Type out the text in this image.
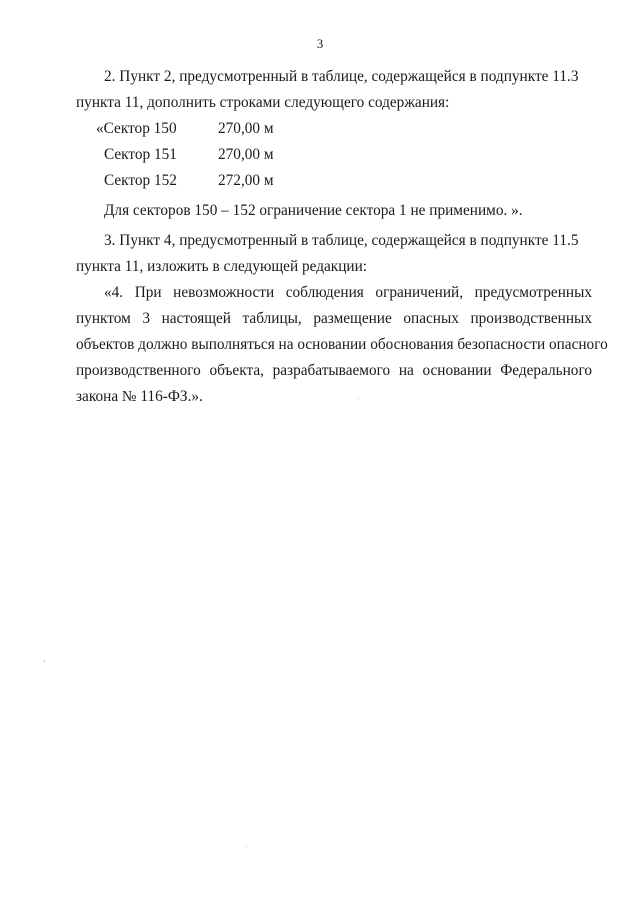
3
2. Пункт 2, предусмотренный в таблице, содержащейся в подпункте 11.3
пункта 11, дополнить строками следующего содержания:
«Сектор 150	270,00 м
Сектор 151	270,00 м
Сектор 152	272,00 м
Для секторов 150 – 152 ограничение сектора 1 не применимо. ».
3. Пункт 4, предусмотренный в таблице, содержащейся в подпункте 11.5
пункта 11, изложить в следующей редакции:
«4. При невозможности соблюдения ограничений, предусмотренных
пунктом 3 настоящей таблицы, размещение опасных производственных
объектов должно выполняться на основании обоснования безопасности опасного
производственного объекта, разрабатываемого на основании Федерального
закона № 116-ФЗ.».
